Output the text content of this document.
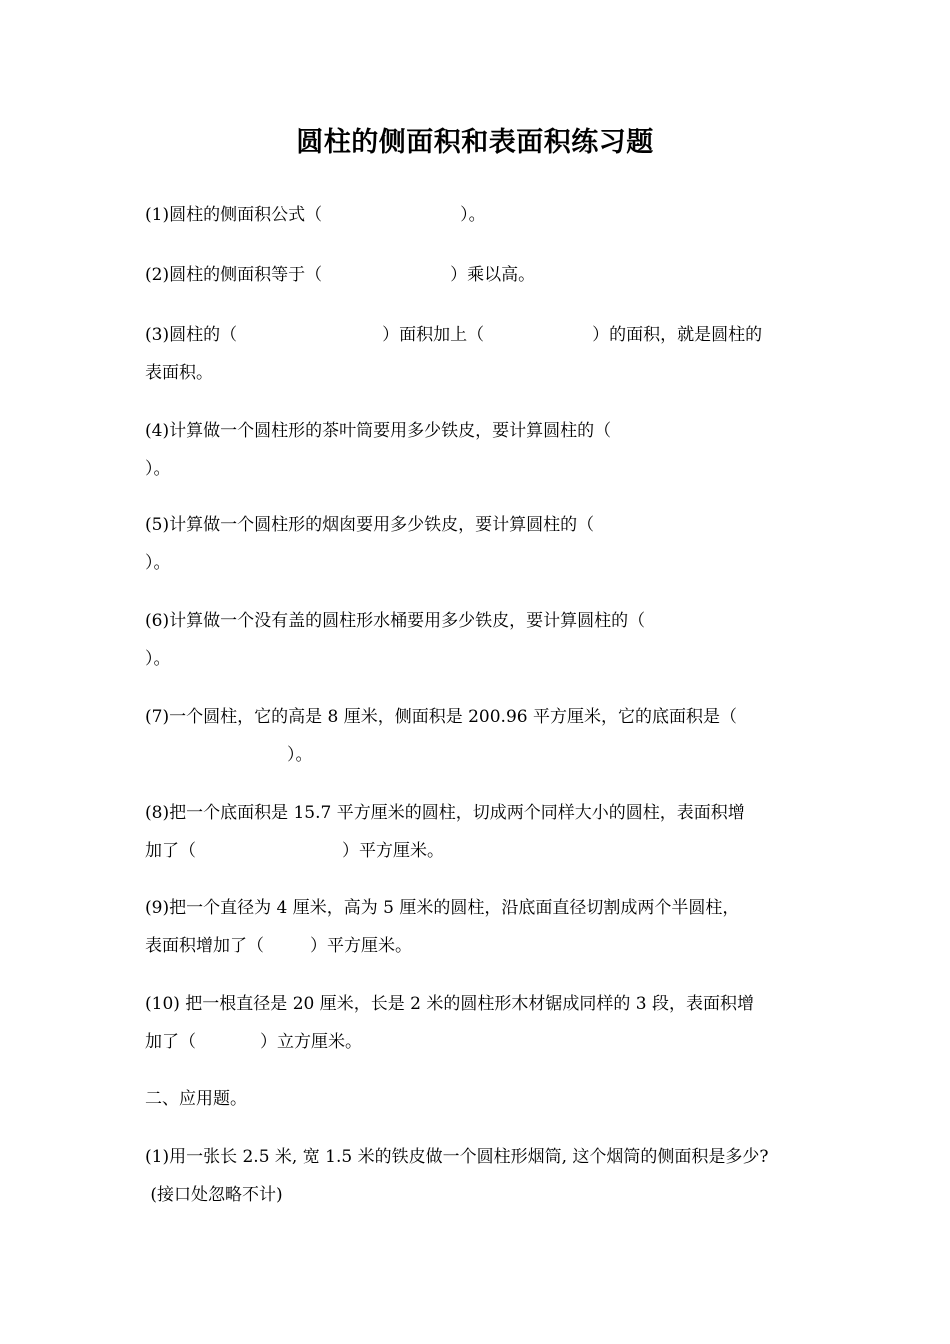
圆柱的侧面积和表面积练习题
(1)圆柱的侧面积公式（	）。
(2)圆柱的侧面积等于（	）乘以高。
(3)圆柱的（	）面积加上（	）的面积，就是圆柱的
表面积。
(4)计算做一个圆柱形的茶叶筒要用多少铁皮，要计算圆柱的（
）。
(5)计算做一个圆柱形的烟囱要用多少铁皮，要计算圆柱的（
）。
(6)计算做一个没有盖的圆柱形水桶要用多少铁皮，要计算圆柱的（
）。
(7)一个圆柱，它的高是 8 厘米，侧面积是 200.96 平方厘米，它的底面积是（
）。
(8)把一个底面积是 15.7 平方厘米的圆柱，切成两个同样大小的圆柱，表面积增
加了（	）平方厘米。
(9)把一个直径为 4 厘米，高为 5 厘米的圆柱，沿底面直径切割成两个半圆柱，
表面积增加了（	）平方厘米。
(10) 把一根直径是 20 厘米，长是 2 米的圆柱形木材锯成同样的 3 段，表面积增
加了（	）立方厘米。
二、应用题。
(1)用一张长 2.5 米, 宽 1.5 米的铁皮做一个圆柱形烟筒, 这个烟筒的侧面积是多少?
(接口处忽略不计)
